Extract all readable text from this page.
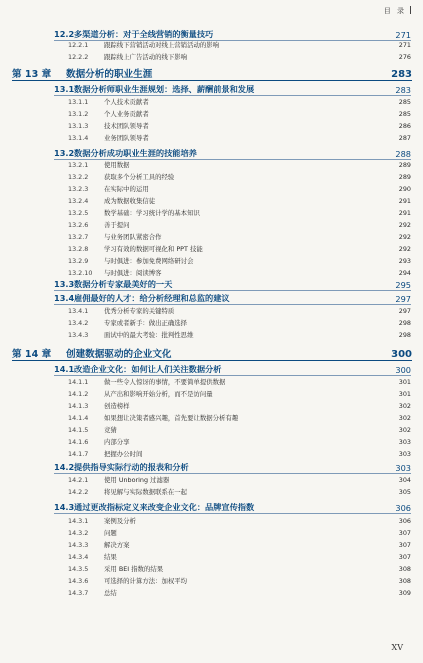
目 录
12.2多渠道分析：对于全线营销的衡量技巧	271
12.2.1 跟踪线下营销活动对线上营销活动的影响	271
12.2.2 跟踪线上广告活动的线下影响	276
第 13 章 数据分析的职业生涯	283
13.1数据分析师职业生涯规划：选择、薪酬前景和发展	283
13.1.1 个人技术贡献者	285
13.1.2 个人业务贡献者	285
13.1.3 技术团队领导者	286
13.1.4 业务团队领导者	287
13.2数据分析成功职业生涯的技能培养	288
13.2.1 使用数据	289
13.2.2 获取多个分析工具的经验	289
13.2.3 在实际中的运用	290
13.2.4 成为数据收集信徒	291
13.2.5 数学基础：学习统计学的基本知识	291
13.2.6 善于提问	292
13.2.7 与业务团队紧密合作	292
13.2.8 学习有效的数据可视化和 PPT 技能	292
13.2.9 与时俱进：参加免费网络研讨会	293
13.2.10 与时俱进：阅读博客	294
13.3数据分析专家最美好的一天	295
13.4雇佣最好的人才：给分析经理和总监的建议	297
13.4.1 优秀分析专家的关键特质	297
13.4.2 专家或者新手：做出正确选择	298
13.4.3 面试中的最大考验：批判性思维	298
第 14 章 创建数据驱动的企业文化	300
14.1改造企业文化：如何让人们关注数据分析	300
14.1.1 做一些令人惊讶的事情，不要简单提供数据	301
14.1.2 从产出和影响开始分析，而不是访问量	301
14.1.3 创造榜样	302
14.1.4 如果想让决策者感兴趣，首先要让数据分析有趣	302
14.1.5 竞猜	302
14.1.6 内部分享	303
14.1.7 把握办公时间	303
14.2提供指导实际行动的报表和分析	303
14.2.1 使用 Unboring 过滤器	304
14.2.2 将见解与实际数据联系在一起	305
14.3通过更改指标定义来改变企业文化：品牌宣传指数	306
14.3.1 案例及分析	306
14.3.2 问题	307
14.3.3 解决方案	307
14.3.4 结果	307
14.3.5 采用 BEI 指数的结果	308
14.3.6 可选择的计算方法：加权平均	308
14.3.7 总结	309
XV
